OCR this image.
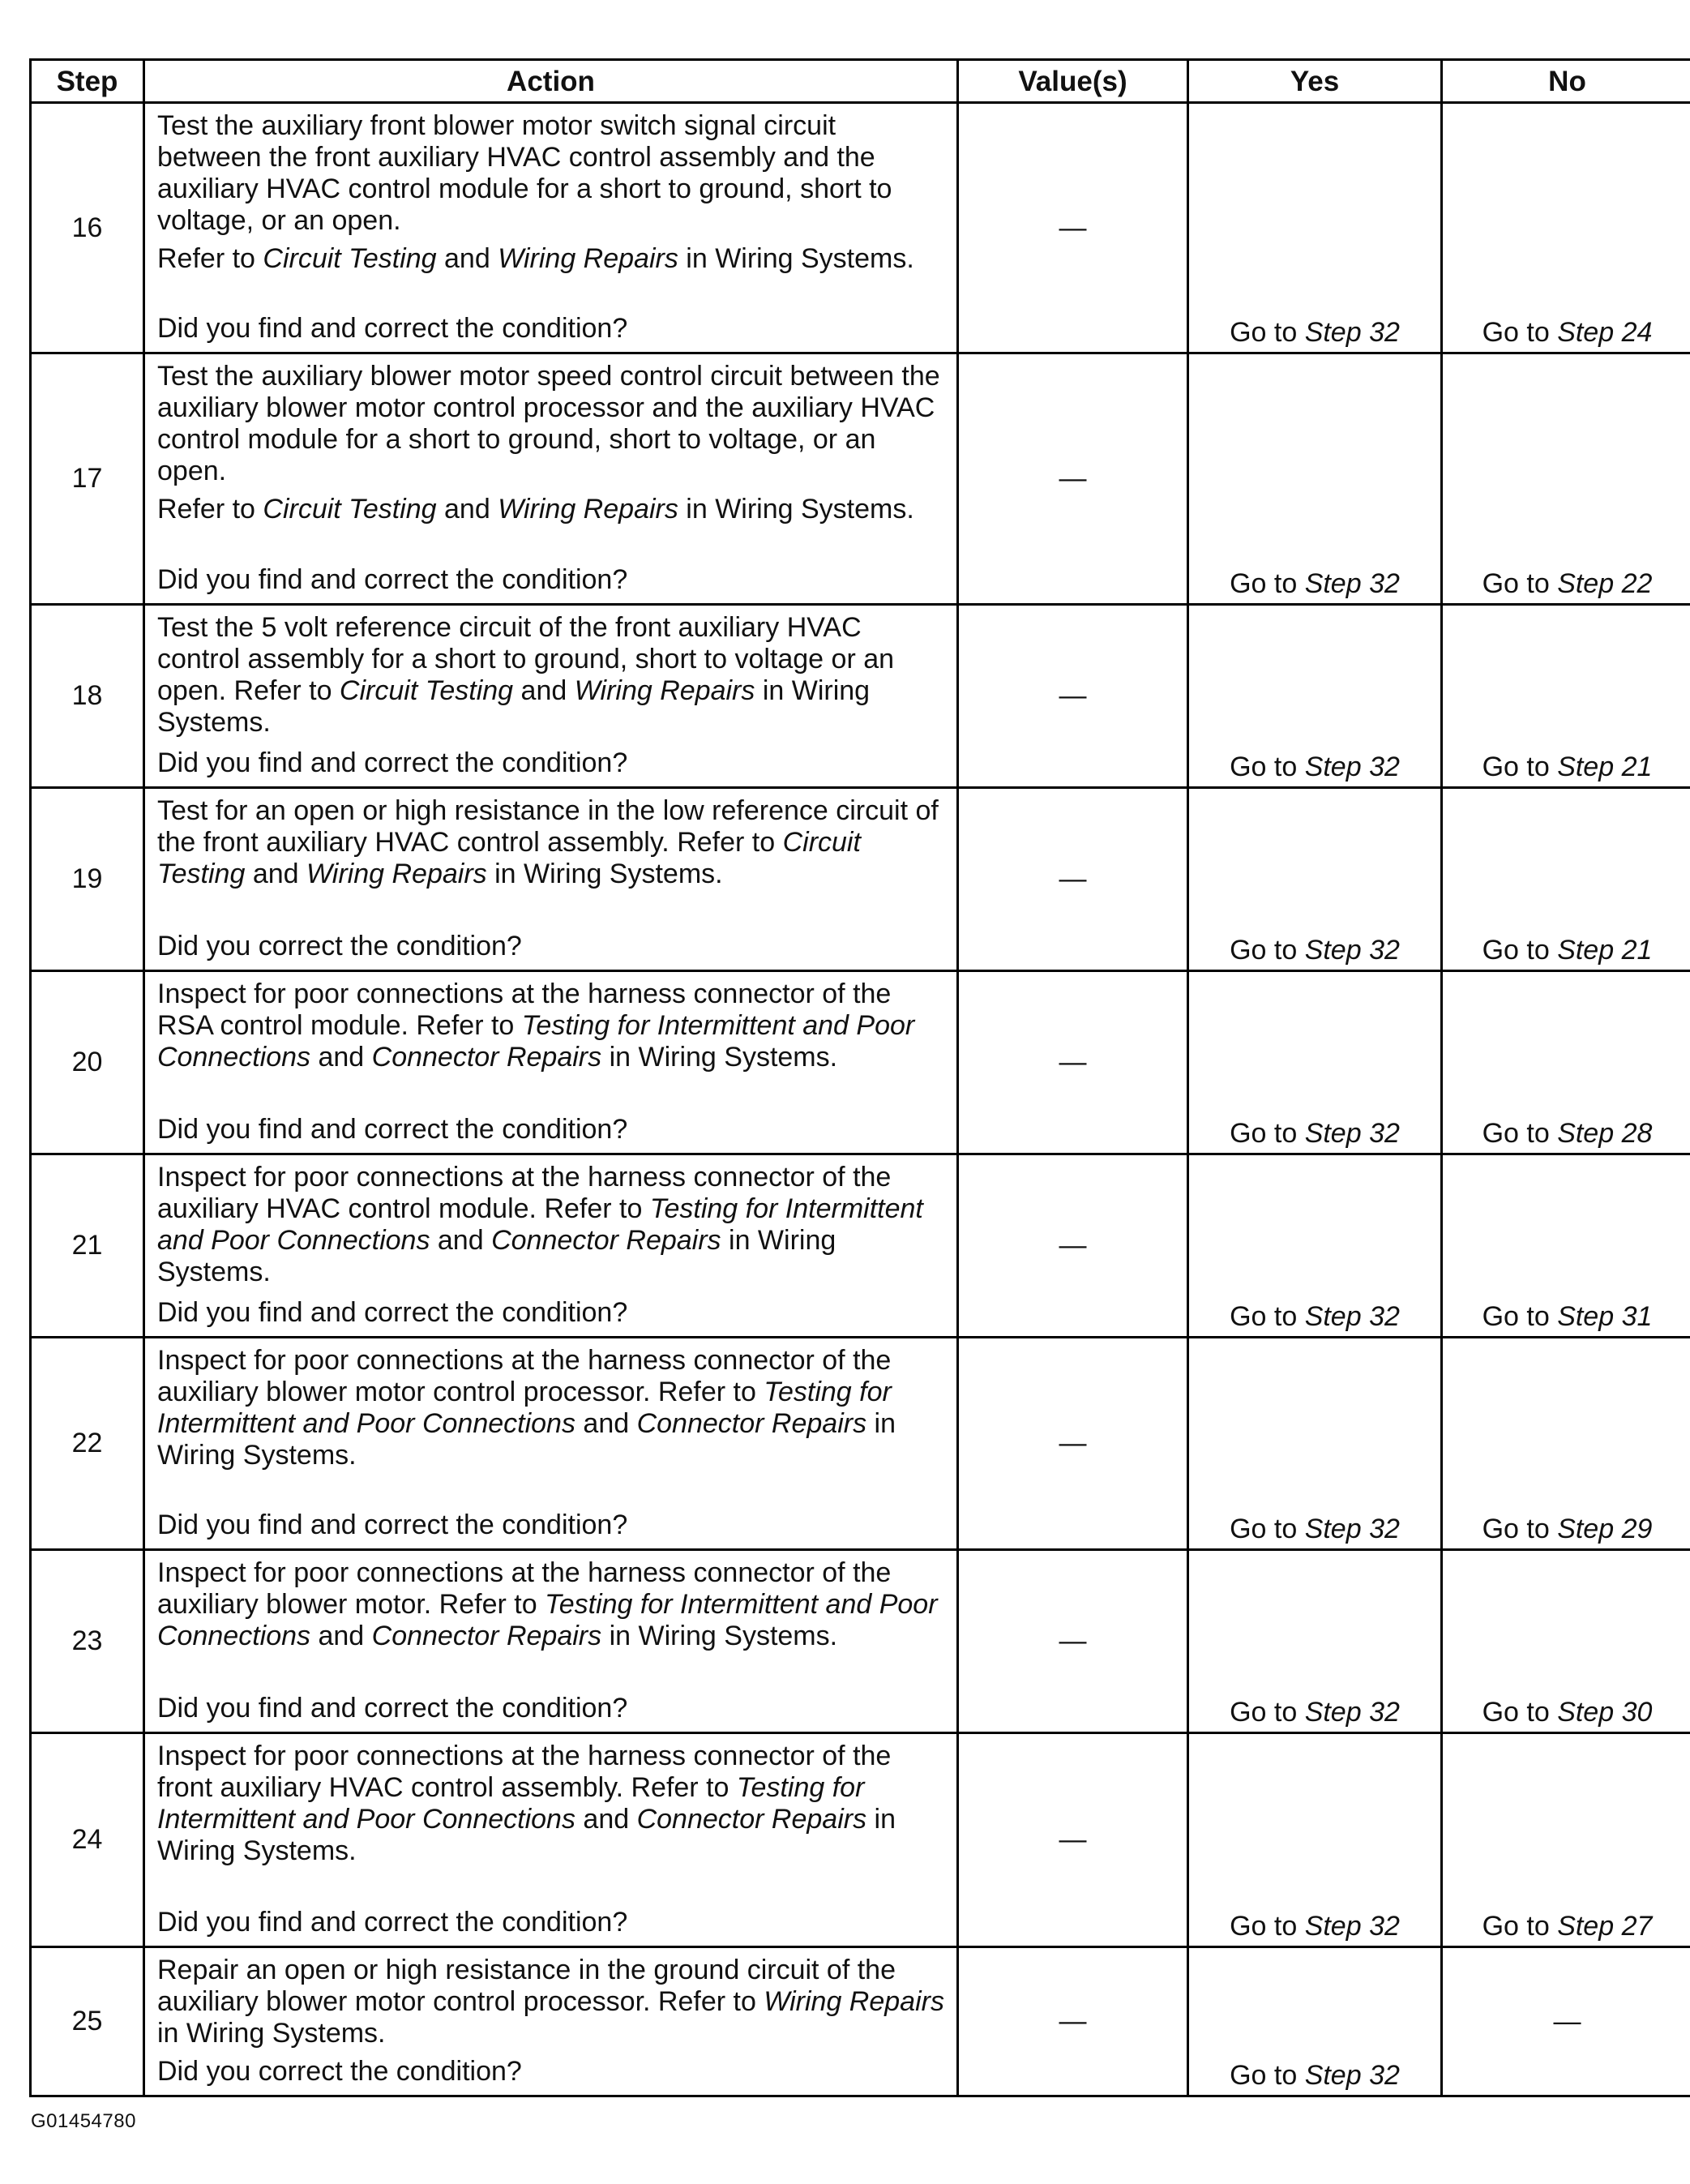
Step	Action	Value(s)	Yes	No
16	Test the auxiliary front blower motor switch signal circuit between the front auxiliary HVAC control assembly and the auxiliary HVAC control module for a short to ground, short to voltage, or an open.
Refer to Circuit Testing and Wiring Repairs in Wiring Systems.
Did you find and correct the condition?	—	Go to Step 32	Go to Step 24

17	Test the auxiliary blower motor speed control circuit between the auxiliary blower motor control processor and the auxiliary HVAC control module for a short to ground, short to voltage, or an open.
Refer to Circuit Testing and Wiring Repairs in Wiring Systems.
Did you find and correct the condition?	—	Go to Step 32	Go to Step 22

18	Test the 5 volt reference circuit of the front auxiliary HVAC control assembly for a short to ground, short to voltage or an open. Refer to Circuit Testing and Wiring Repairs in Wiring Systems.
Did you find and correct the condition?	—	Go to Step 32	Go to Step 21

19	Test for an open or high resistance in the low reference circuit of the front auxiliary HVAC control assembly. Refer to Circuit Testing and Wiring Repairs in Wiring Systems.
Did you correct the condition?	—	Go to Step 32	Go to Step 21

20	Inspect for poor connections at the harness connector of the RSA control module. Refer to Testing for Intermittent and Poor Connections and Connector Repairs in Wiring Systems.
Did you find and correct the condition?	—	Go to Step 32	Go to Step 28

21	Inspect for poor connections at the harness connector of the auxiliary HVAC control module. Refer to Testing for Intermittent and Poor Connections and Connector Repairs in Wiring Systems.
Did you find and correct the condition?	—	Go to Step 32	Go to Step 31

22	Inspect for poor connections at the harness connector of the auxiliary blower motor control processor. Refer to Testing for Intermittent and Poor Connections and Connector Repairs in Wiring Systems.
Did you find and correct the condition?	—	Go to Step 32	Go to Step 29

23	Inspect for poor connections at the harness connector of the auxiliary blower motor. Refer to Testing for Intermittent and Poor Connections and Connector Repairs in Wiring Systems.
Did you find and correct the condition?	—	Go to Step 32	Go to Step 30

24	Inspect for poor connections at the harness connector of the front auxiliary HVAC control assembly. Refer to Testing for Intermittent and Poor Connections and Connector Repairs in Wiring Systems.
Did you find and correct the condition?	—	Go to Step 32	Go to Step 27

25	Repair an open or high resistance in the ground circuit of the auxiliary blower motor control processor. Refer to Wiring Repairs in Wiring Systems.
Did you correct the condition?	—	Go to Step 32	—
G01454780
